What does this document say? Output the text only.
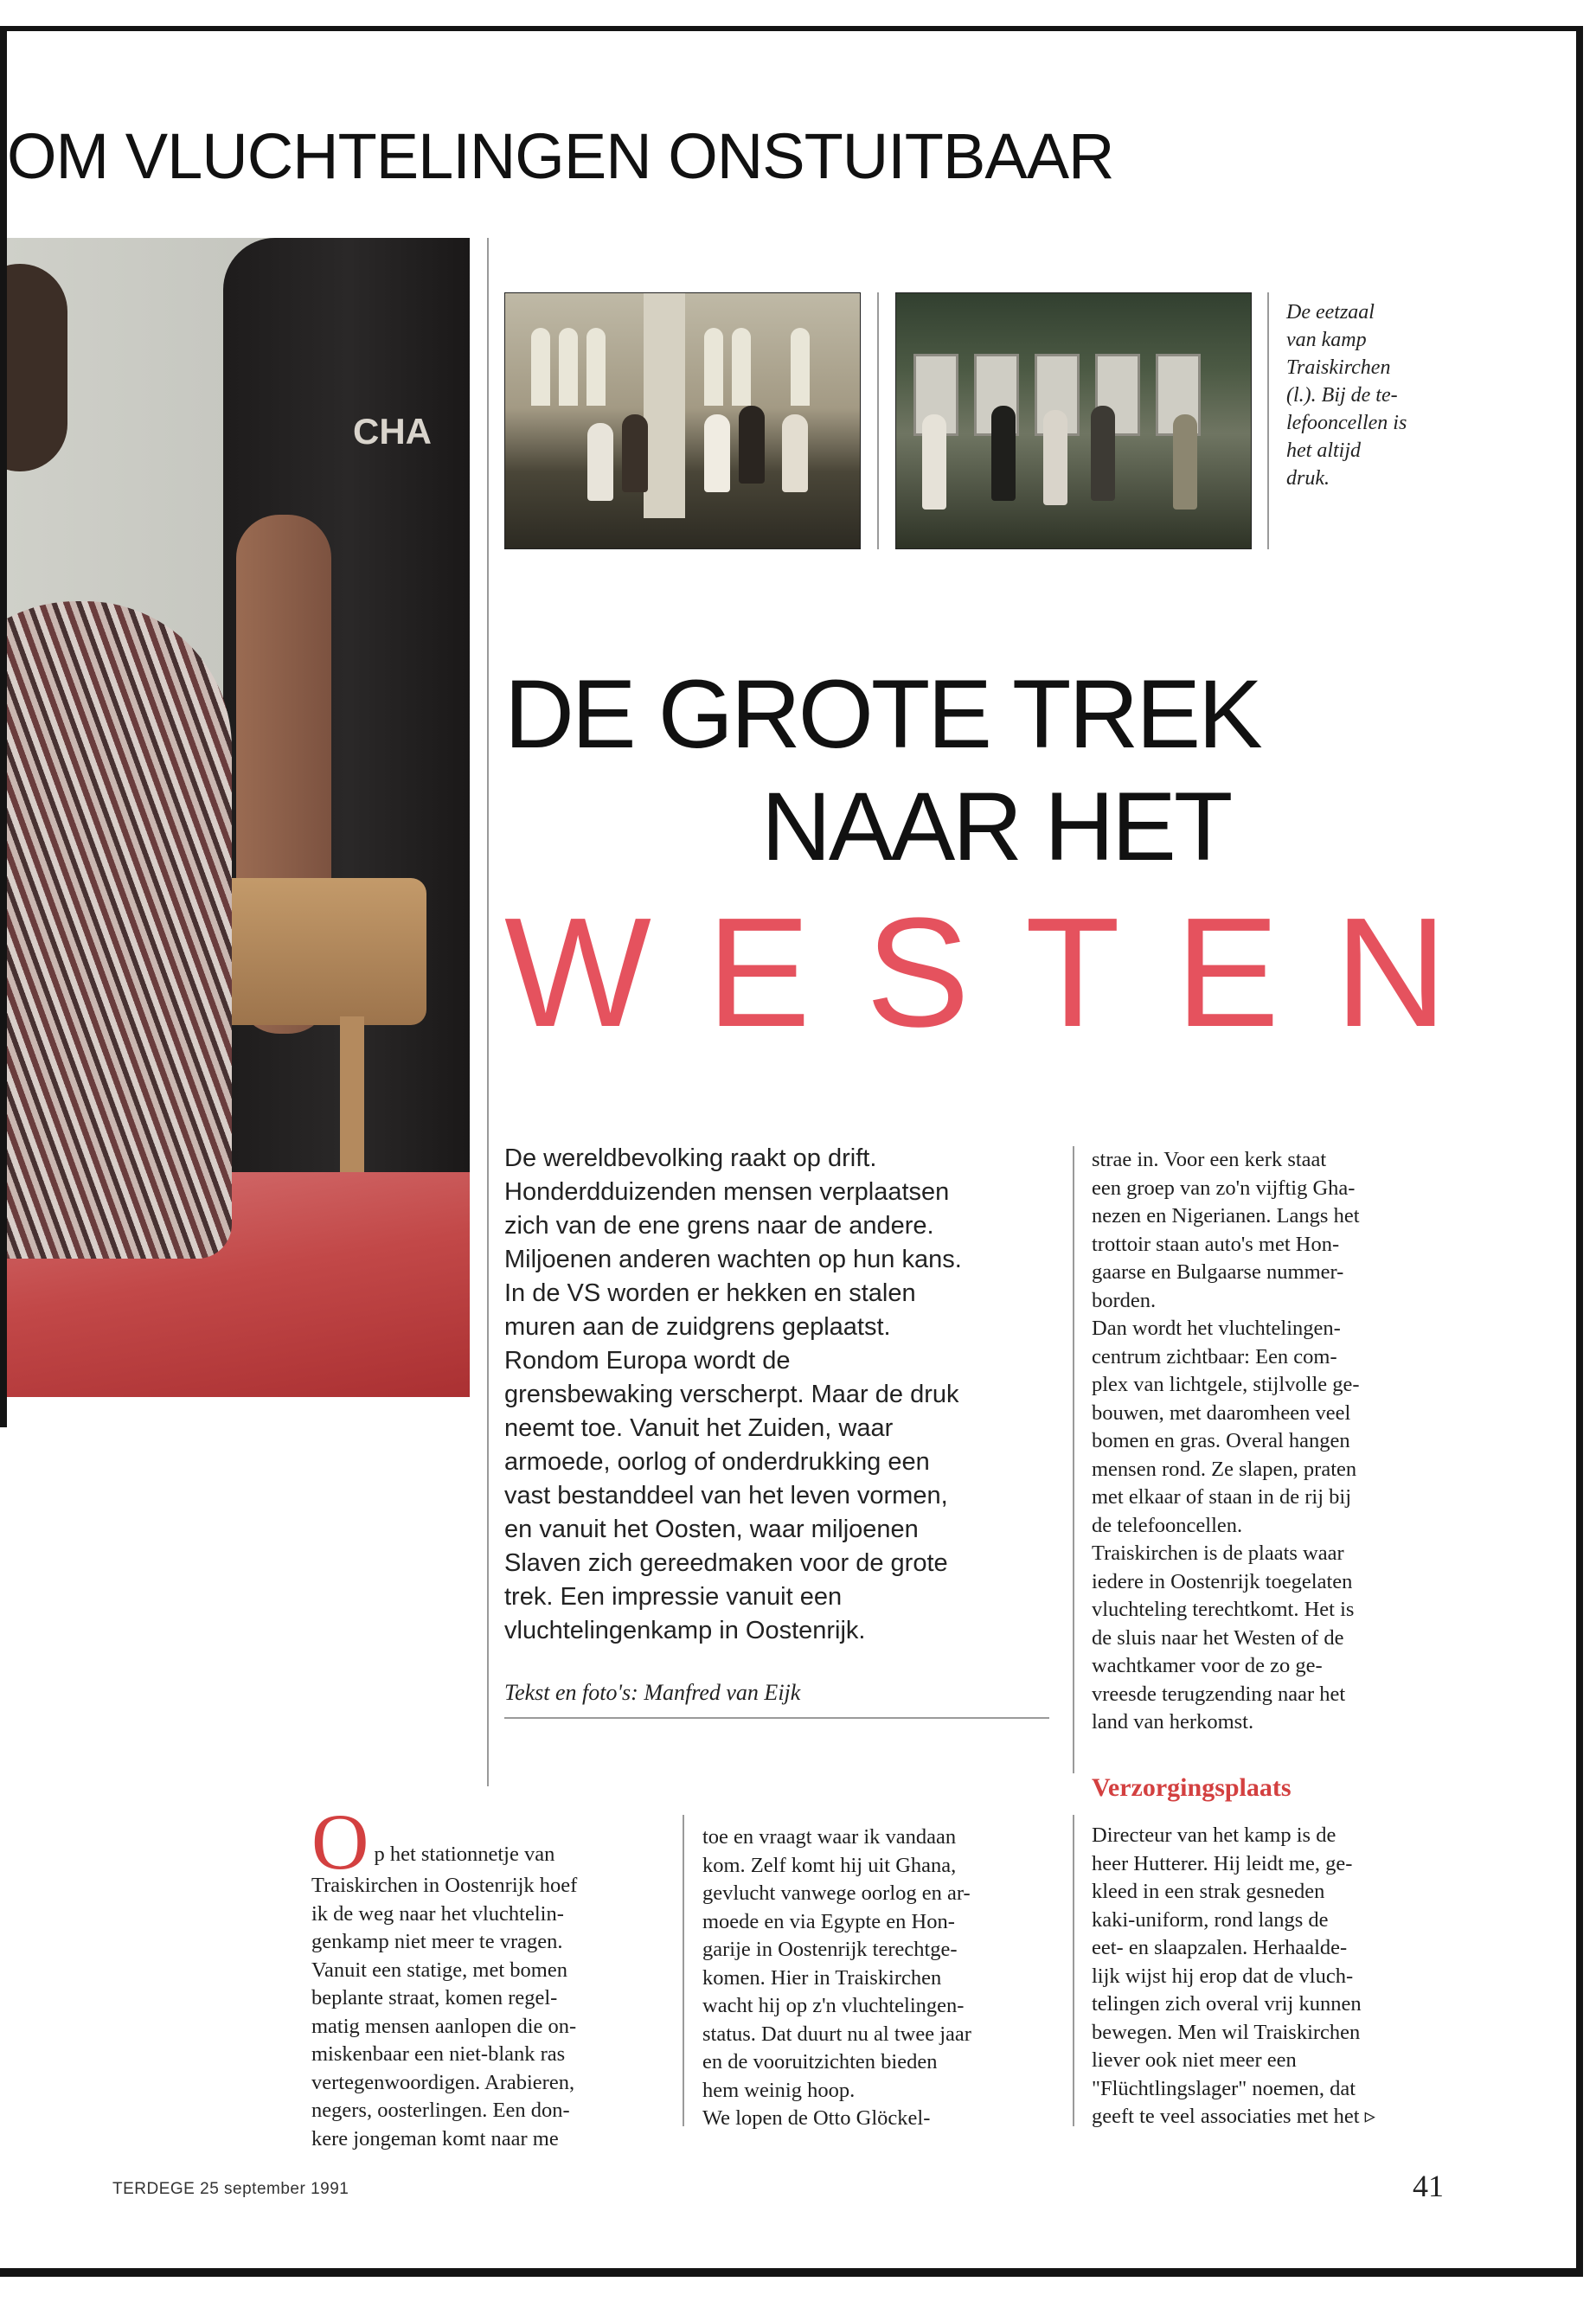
OM VLUCHTELINGEN ONSTUITBAAR
CHA
De eetzaal
van kamp
Traiskirchen
(l.). Bij de te-
lefooncellen is
het altijd
druk.
DE GROTE TREK
NAAR HET
W E S T E N
De wereldbevolking raakt op drift.
Honderdduizenden mensen verplaatsen
zich van de ene grens naar de andere.
Miljoenen anderen wachten op hun kans.
In de VS worden er hekken en stalen
muren aan de zuidgrens geplaatst.
Rondom Europa wordt de
grensbewaking verscherpt. Maar de druk
neemt toe. Vanuit het Zuiden, waar
armoede, oorlog of onderdrukking een
vast bestanddeel van het leven vormen,
en vanuit het Oosten, waar miljoenen
Slaven zich gereedmaken voor de grote
trek. Een impressie vanuit een
vluchtelingenkamp in Oostenrijk.
Tekst en foto's: Manfred van Eijk

strae in. Voor een kerk staat

een groep van zo'n vijftig Gha-

nezen en Nigerianen. Langs het

trottoir staan auto's met Hon-

gaarse en Bulgaarse nummer-

borden.

Dan wordt het vluchtelingen-

centrum zichtbaar: Een com-

plex van lichtgele, stijlvolle ge-

bouwen, met daaromheen veel

bomen en gras. Overal hangen

mensen rond. Ze slapen, praten

met elkaar of staan in de rij bij

de telefooncellen.

Traiskirchen is de plaats waar

iedere in Oostenrijk toegelaten

vluchteling terechtkomt. Het is

de sluis naar het Westen of de

wachtkamer voor de zo ge-

vreesde terugzending naar het

land van herkomst.

Verzorgingsplaats

Directeur van het kamp is de

heer Hutterer. Hij leidt me, ge-

kleed in een strak gesneden

kaki-uniform, rond langs de

eet- en slaapzalen. Herhaalde-

lijk wijst hij erop dat de vluch-

telingen zich overal vrij kunnen

bewegen. Men wil Traiskirchen

liever ook niet meer een

"Flüchtlingslager" noemen, dat

geeft te veel associaties met het ▹

O p het stationnetje van

Traiskirchen in Oostenrijk hoef

ik de weg naar het vluchtelin-

genkamp niet meer te vragen.

Vanuit een statige, met bomen

beplante straat, komen regel-

matig mensen aanlopen die on-

miskenbaar een niet-blank ras

vertegenwoordigen. Arabieren,

negers, oosterlingen. Een don-

kere jongeman komt naar me

toe en vraagt waar ik vandaan

kom. Zelf komt hij uit Ghana,

gevlucht vanwege oorlog en ar-

moede en via Egypte en Hon-

garije in Oostenrijk terechtge-

komen. Hier in Traiskirchen

wacht hij op z'n vluchtelingen-

status. Dat duurt nu al twee jaar

en de vooruitzichten bieden

hem weinig hoop.

We lopen de Otto Glöckel-

TERDEGE 25 september 1991	41
